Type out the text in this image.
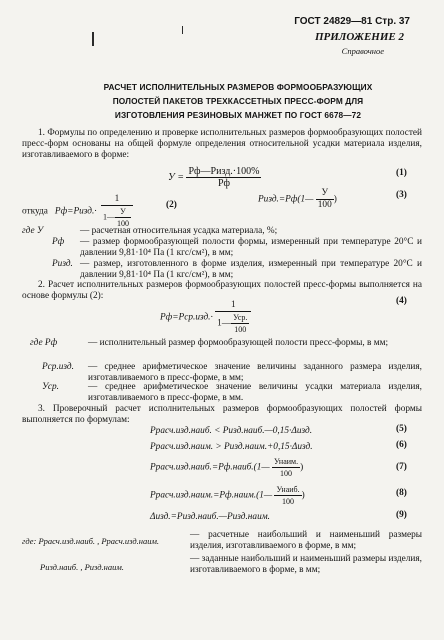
ГОСТ 24829—81 Стр. 37
ПРИЛОЖЕНИЕ 2
Справочное
РАСЧЕТ ИСПОЛНИТЕЛЬНЫХ РАЗМЕРОВ ФОРМООБРАЗУЮЩИХ
ПОЛОСТЕЙ ПАКЕТОВ ТРЕХКАССЕТНЫХ ПРЕСС-ФОРМ ДЛЯ
ИЗГОТОВЛЕНИЯ РЕЗИНОВЫХ МАНЖЕТ ПО ГОСТ 6678—72
1. Формулы по определению и проверке исполнительных размеров формообразующих полостей пресс-форм основаны на общей формуле определения относительной усадки материала изделия, изготавливаемого в форме:
$У = \frac{\text{Pф—Pизд.·100\%}}{Pф}$	(1)
откуда Pф=Pизд.· $\frac{1}{1— \frac{У}{100}}$	(2)
Pизд.=Pф(1— $\frac{У}{100}$ )	(3)
где У	— расчетная относительная усадка материала, %;
Pф — размер формообразующей полости формы, измеренный при температуре 20°С и давлении 9,81·10⁴ Па (1 кгс/см²), в мм;
Pизд. — размер, изготовленного в форме изделия, измеренный при температуре 20°С и давлении 9,81·10⁴ Па (1 кгс/см²), в мм;
2. Расчет исполнительных размеров формообразующих полостей пресс-формы выполняется на основе формулы (2):
$Pф=Pср.изд.\cdot \frac{1}{1— \frac{\text{Уср.}}{100}}$	(4)
где Pф	— исполнительный размер формообразующей полости пресс-формы, в мм;
Pср.изд. — среднее арифметическое значение величины заданного размера изделия, изготавливаемого в пресс-форме, в мм;
Уср.	— среднее арифметическое значение величины усадки материала изделия, изготавливаемого в пресс-форме, в мм.
3. Проверочный расчет исполнительных размеров формообразующих полостей формы выполняется по формулам:
Pрасч.изд.наиб. < Pизд.наиб.—0,15·Δизд.	(5)
Pрасч.изд.наим. > Pизд.наим.+0,15·Δизд.	(6)
Pрасч.изд.наиб.=Pф.наиб.(1— $\frac{\text{Унаим.}}{100}$ )	(7)
Pрасч.изд.наим.=Pф.наим.(1— $\frac{\text{Унаиб.}}{100}$ )	(8)
Δизд.=Pизд.наиб.—Pизд.наим.	(9)
где: Pрасч.изд.наиб. , Pрасч.изд.наим.
— расчетные наибольший и наименьший размеры изделия, изготавливаемого в форме, в мм;
Pизд.наиб. , Pизд.наим.
— заданные наибольший и наименьший размеры изделия, изготавливаемого в форме, в мм;
